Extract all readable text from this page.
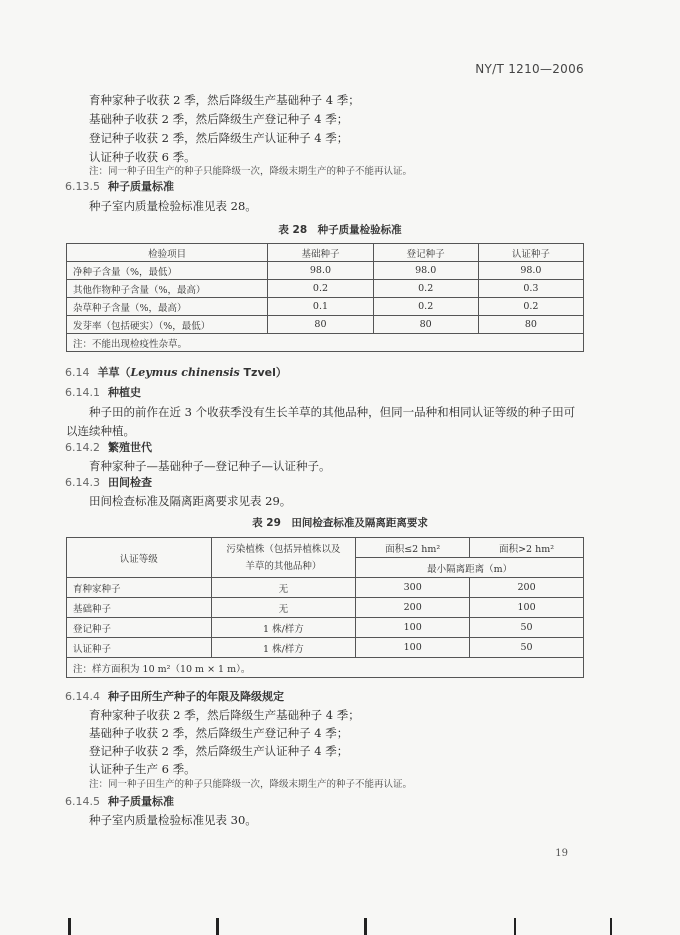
NY/T 1210—2006
育种家种子收获 2 季，然后降级生产基础种子 4 季；
基础种子收获 2 季，然后降级生产登记种子 4 季；
登记种子收获 2 季，然后降级生产认证种子 4 季；
认证种子收获 6 季。
注：同一种子田生产的种子只能降级一次，降级末期生产的种子不能再认证。
6.13.5 种子质量标准
种子室内质量检验标准见表 28。
表 28　种子质量检验标准
检验项目	基础种子	登记种子	认证种子
净种子含量（%，最低）	98.0	98.0	98.0
其他作物种子含量（%，最高）	0.2	0.2	0.3
杂草种子含量（%，最高）	0.1	0.2	0.2
发芽率（包括硬实）（%，最低）	80	80	80
注：不能出现检疫性杂草。			
6.14 羊草（Leymus chinensis Tzvel）
6.14.1 种植史
种子田的前作在近 3 个收获季没有生长羊草的其他品种，但同一品种和相同认证等级的种子田可
以连续种植。
6.14.2 繁殖世代
育种家种子—基础种子—登记种子—认证种子。
6.14.3 田间检查
田间检查标准及隔离距离要求见表 29。
表 29　田间检查标准及隔离距离要求
认证等级	污染植株（包括异植株以及
羊草的其他品种）	面积≤2 hm²	面积>2 hm²
		最小隔离距离（m）	
育种家种子	无	300	200
基础种子	无	200	100
登记种子	1 株/样方	100	50
认证种子	1 株/样方	100	50
注：样方面积为 10 m²（10 m × 1 m）。			
6.14.4 种子田所生产种子的年限及降级规定
育种家种子收获 2 季，然后降级生产基础种子 4 季；
基础种子收获 2 季，然后降级生产登记种子 4 季；
登记种子收获 2 季，然后降级生产认证种子 4 季；
认证种子生产 6 季。
注：同一种子田生产的种子只能降级一次，降级末期生产的种子不能再认证。
6.14.5 种子质量标准
种子室内质量检验标准见表 30。
19
